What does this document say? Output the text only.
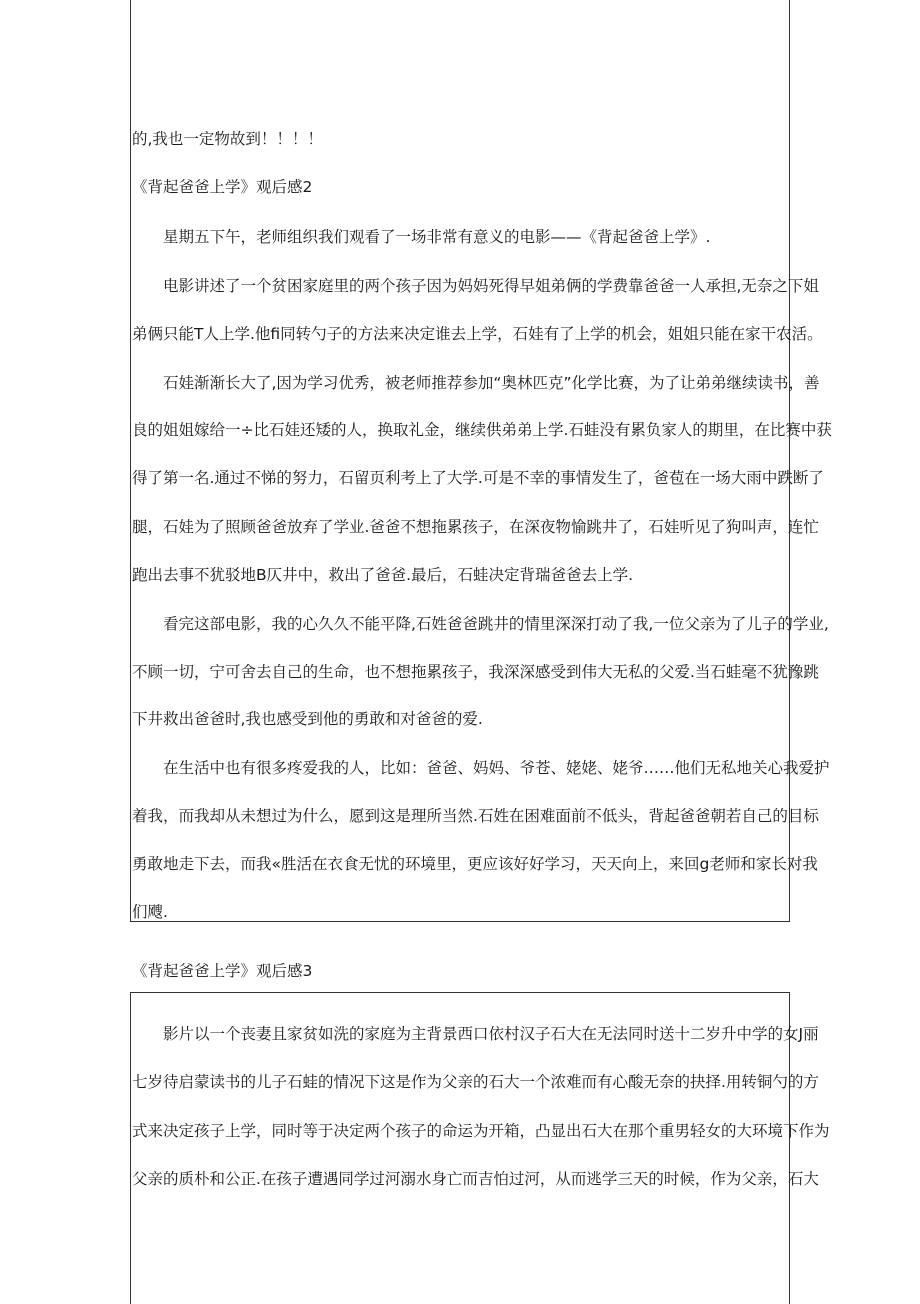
的,我也一定物故到！！！！

《背起爸爸上学》观后感2

星期五下午，老师组织我们观看了一场非常有意义的电影——《背起爸爸上学》.

电影讲述了一个贫困家庭里的两个孩子因为妈妈死得早姐弟俩的学费靠爸爸一人承担,无奈之下姐

弟俩只能T人上学.他fi同转勺子的方法来决定谁去上学，石娃有了上学的机会，姐姐只能在家干农活。

石娃渐渐长大了,因为学习优秀，被老师推荐参加“奥林匹克”化学比赛，为了让弟弟继续读书，善

良的姐姐嫁给一÷比石娃还矮的人，换取礼金，继续供弟弟上学.石蛙没有累负家人的期里，在比赛中获

得了第一名.通过不悌的努力，石留页利考上了大学.可是不幸的事情发生了，爸苞在一场大雨中跌断了

腿，石娃为了照顾爸爸放弃了学业.爸爸不想拖累孩子，在深夜物愉跳井了，石娃听见了狗叫声，连忙

跑出去事不犹驳地B仄井中，救出了爸爸.最后，石蛙决定背瑞爸爸去上学.

看完这部电影，我的心久久不能平降,石姓爸爸跳井的情里深深打动了我,一位父亲为了儿子的学业,

不顾一切，宁可舍去自己的生命，也不想拖累孩子，我深深感受到伟大无私的父爱.当石蛙毫不犹豫跳

下井救出爸爸时,我也感受到他的勇敢和对爸爸的爱.

在生活中也有很多疼爱我的人，比如：爸爸、妈妈、爷苍、姥姥、姥爷……他们无私地关心我爱护

着我，而我却从未想过为什么，愿到这是理所当然.石姓在困难面前不低头，背起爸爸朝若自己的目标

勇敢地走下去，而我«胜活在衣食无忧的环境里，更应该好好学习，天天向上，来回g老师和家长对我

们飕.

《背起爸爸上学》观后感3

影片以一个丧妻且家贫如洗的家庭为主背景西口依村汉子石大在无法同时送十二岁升中学的女J丽

七岁待启蒙读书的儿子石蛙的情况下这是作为父亲的石大一个浓难而有心酸无奈的抉择.用转铜勺的方

式来决定孩子上学，同时等于决定两个孩子的命运为开箱，凸显出石大在那个重男轻女的大环境下作为

父亲的质朴和公正.在孩子遭遇同学过河溺水身亡而吉怕过河，从而逃学三天的时候，作为父亲，石大
